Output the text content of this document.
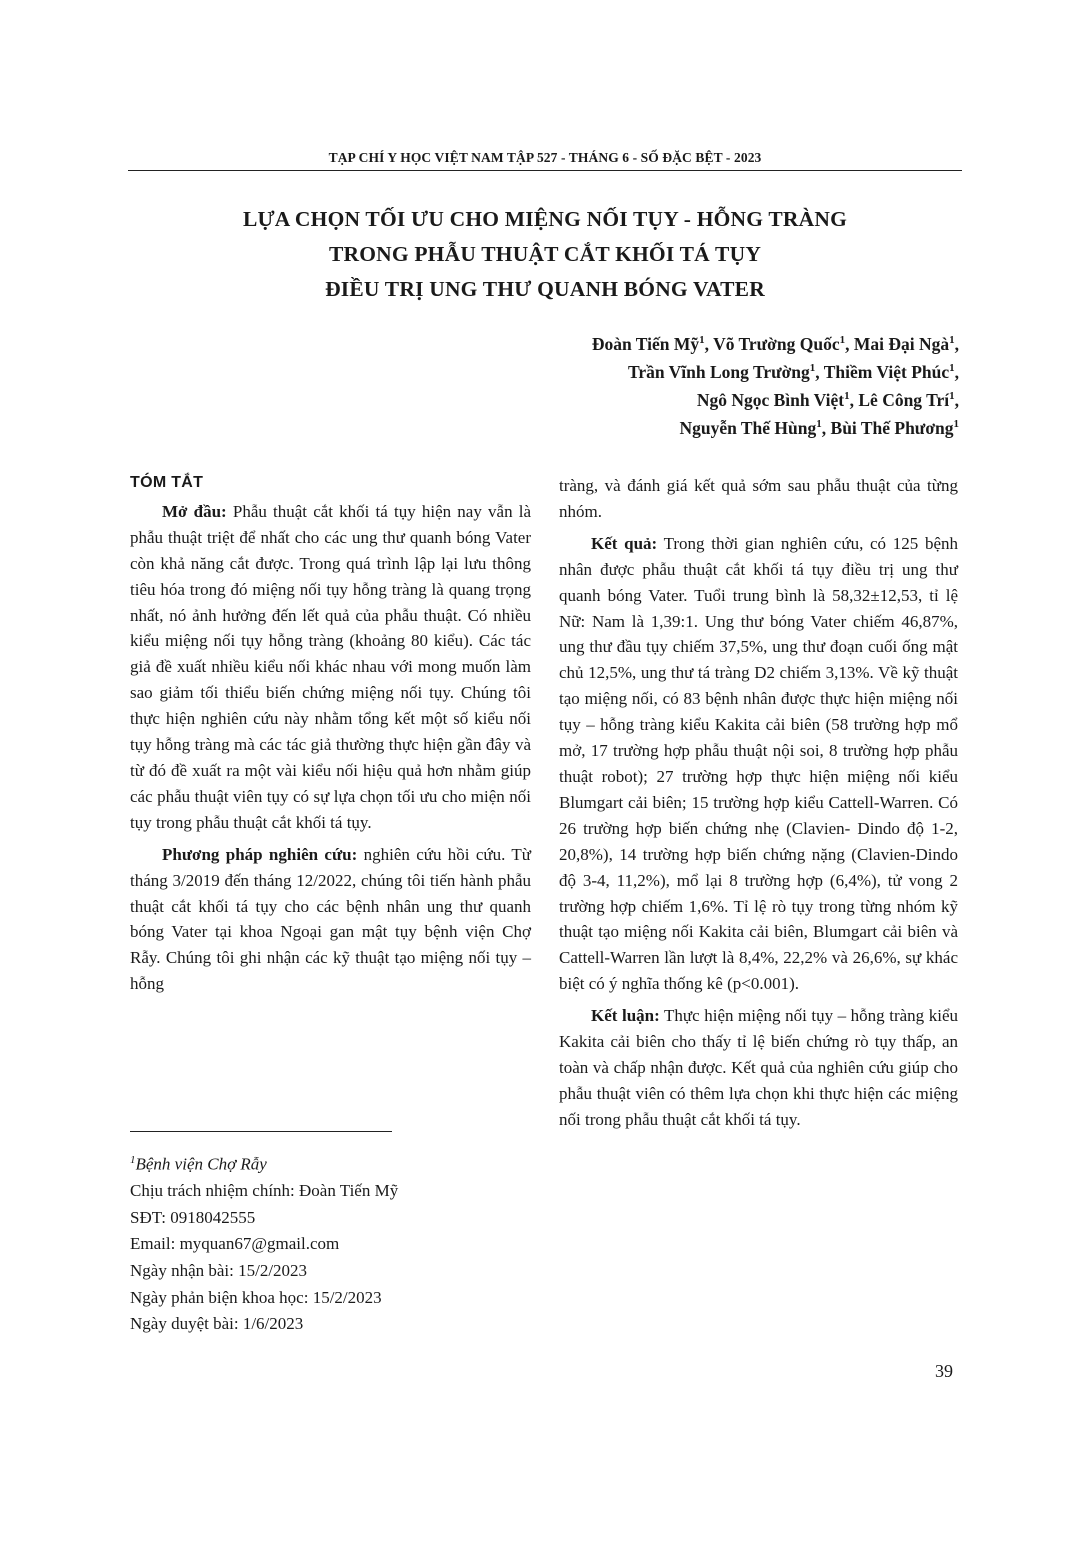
TẠP CHÍ Y HỌC VIỆT NAM TẬP 527 - THÁNG 6 - SỐ ĐẶC BỆT - 2023
LỰA CHỌN TỐI ƯU CHO MIỆNG NỐI TỤY - HỖNG TRÀNG
TRONG PHẪU THUẬT CẮT KHỐI TÁ TỤY
ĐIỀU TRỊ UNG THƯ QUANH BÓNG VATER
Đoàn Tiến Mỹ$^1$, Võ Trường Quốc$^1$, Mai Đại Ngà$^1$,
Trần Vĩnh Long Trường$^1$, Thiềm Việt Phúc$^1$,
Ngô Ngọc Bình Việt$^1$, Lê Công Trí$^1$,
Nguyễn Thế Hùng$^1$, Bùi Thế Phương$^1$
TÓM TẮT

Mở đầu: Phẫu thuật cắt khối tá tụy hiện nay vẫn là phẫu thuật triệt để nhất cho các ung thư quanh bóng Vater còn khả năng cắt được. Trong quá trình lập lại lưu thông tiêu hóa trong đó miệng nối tụy hỗng tràng là quang trọng nhất, nó ảnh hưởng đến lết quả của phẫu thuật. Có nhiều kiểu miệng nối tụy hỗng tràng (khoảng 80 kiểu). Các tác giả đề xuất nhiều kiểu nối khác nhau với mong muốn làm sao giảm tối thiểu biến chứng miệng nối tụy. Chúng tôi thực hiện nghiên cứu này nhằm tổng kết một số kiểu nối tụy hỗng tràng mà các tác giả thường thực hiện gần đây và từ đó đề xuất ra một vài kiểu nối hiệu quả hơn nhằm giúp các phẫu thuật viên tụy có sự lựa chọn tối ưu cho miện nối tụy trong phẫu thuật cắt khối tá tụy.

Phương pháp nghiên cứu: nghiên cứu hồi cứu. Từ tháng 3/2019 đến tháng 12/2022, chúng tôi tiến hành phẫu thuật cắt khối tá tụy cho các bệnh nhân ung thư quanh bóng Vater tại khoa Ngoại gan mật tụy bệnh viện Chợ Rẫy. Chúng tôi ghi nhận các kỹ thuật tạo miệng nối tụy – hỗng

$^1$Bệnh viện Chợ Rẫy
Chịu trách nhiệm chính: Đoàn Tiến Mỹ
SĐT: 0918042555
Email: myquan67@gmail.com
Ngày nhận bài: 15/2/2023
Ngày phản biện khoa học: 15/2/2023
Ngày duyệt bài: 1/6/2023

tràng, và đánh giá kết quả sớm sau phẫu thuật của từng nhóm.

Kết quả: Trong thời gian nghiên cứu, có 125 bệnh nhân được phẫu thuật cắt khối tá tụy điều trị ung thư quanh bóng Vater. Tuổi trung bình là 58,32±12,53, tỉ lệ Nữ: Nam là 1,39:1. Ung thư bóng Vater chiếm 46,87%, ung thư đầu tụy chiếm 37,5%, ung thư đoạn cuối ống mật chủ 12,5%, ung thư tá tràng D2 chiếm 3,13%. Về kỹ thuật tạo miệng nối, có 83 bệnh nhân được thực hiện miệng nối tụy – hỗng tràng kiểu Kakita cải biên (58 trường hợp mổ mở, 17 trường hợp phẫu thuật nội soi, 8 trường hợp phẫu thuật robot); 27 trường hợp thực hiện miệng nối kiểu Blumgart cải biên; 15 trường hợp kiểu Cattell-Warren. Có 26 trường hợp biến chứng nhẹ (Clavien- Dindo độ 1-2, 20,8%), 14 trường hợp biến chứng nặng (Clavien-Dindo độ 3-4, 11,2%), mổ lại 8 trường hợp (6,4%), tử vong 2 trường hợp chiếm 1,6%. Tỉ lệ rò tụy trong từng nhóm kỹ thuật tạo miệng nối Kakita cải biên, Blumgart cải biên và Cattell-Warren lần lượt là 8,4%, 22,2% và 26,6%, sự khác biệt có ý nghĩa thống kê (p<0.001).

Kết luận: Thực hiện miệng nối tụy – hỗng tràng kiểu Kakita cải biên cho thấy tỉ lệ biến chứng rò tụy thấp, an toàn và chấp nhận được. Kết quả của nghiên cứu giúp cho phẫu thuật viên có thêm lựa chọn khi thực hiện các miệng nối trong phẫu thuật cắt khối tá tụy.

39
